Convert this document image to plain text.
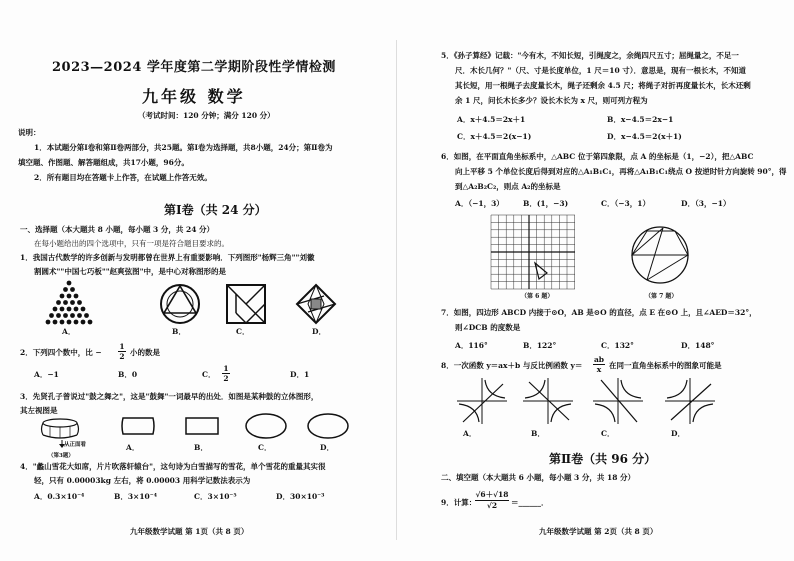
2023—2024 学年度第二学期阶段性学情检测
九年级 数学
（考试时间：120 分钟；满分 120 分）
说明：
1．本试题分第Ⅰ卷和第Ⅱ卷两部分，共25题。第Ⅰ卷为选择题，共8小题，24分；第Ⅱ卷为
填空题、作图题、解答题组成，共17小题，96分。
2．所有题目均在答题卡上作答，在试题上作答无效。
第Ⅰ卷（共 24 分）
一、选择题（本大题共 8 小题，每小题 3 分，共 24 分）
在每小题给出的四个选项中，只有一项是符合题目要求的。
1．我国古代数学的许多创新与发明都曾在世界上有重要影响．下列图形"杨辉三角""刘徽
割圆术""中国七巧板""赵爽弦图"中，是中心对称图形的是
A．	B．	C．	D．
2．下列四个数中，比 −
1
2 小的数是
A．−1	B．0	C．
1
2	D．1
3．先贤孔子曾说过"鼓之舞之"，这是"鼓舞"一词最早的出处．如图是某种鼓的立体图形，
其左视图是
从正面看
（第3题）
A．	B．	C．	D．
4．"蠡山雪花大如席，片片吹落轩辕台"，这句诗为白雪描写的雪花，单个雪花的重量其实很
轻，只有 0.00003kg 左右，将 0.00003 用科学记数法表示为
A．0.3×10⁻⁴	B．3×10⁻⁴	C．3×10⁻⁵	D．30×10⁻³
九年级数学试题 第 1页（共 8 页）
5．《孙子算经》记载："今有木，不知长短，引绳度之，余绳四尺五寸；屈绳量之，不足一
尺．木长几何？"（尺、寸是长度单位，1 尺＝10 寸）．意思是，现有一根长木，不知道
其长短，用一根绳子去度量长木，绳子还剩余 4.5 尺；将绳子对折再度量长木，长木还剩
余 1 尺，问长木长多少？设长木长为 x 尺，则可列方程为
A．x＋4.5＝2x＋1	B．x−4.5＝2x−1
C．x＋4.5＝2(x−1)	D．x−4.5＝2(x＋1)
6．如图，在平面直角坐标系中，△ABC 位于第四象限，点 A 的坐标是（1，−2），把△ABC
向上平移 5 个单位长度后得到对应的△A₁B₁C₁，再将△A₁B₁C₁绕点 O 按逆时针方向旋转 90°，得
到△A₂B₂C₂，则点 A₂的坐标是
A．（−1，3）	B．(1，−3)	C．（−3，1）	D．（3，−1）
（第 6 题）	（第 7 题）
7．如图，四边形 ABCD 内接于⊙O，AB 是⊙O 的直径，点 E 在⊙O 上，且∠AED＝32°，
则∠DCB 的度数是
A．116°	B．122°	C．132°	D．148°
8．一次函数 y＝ax＋b 与反比例函数 y＝
ab
x	在同一直角坐标系中的图象可能是
A．	B．	C．	D．
第Ⅱ卷（共 96 分）
二、填空题（本大题共 6 小题，每小题 3 分，共 18 分）
9．计算：
√6＋√18
√2	＝______．
九年级数学试题 第 2页（共 8 页）
